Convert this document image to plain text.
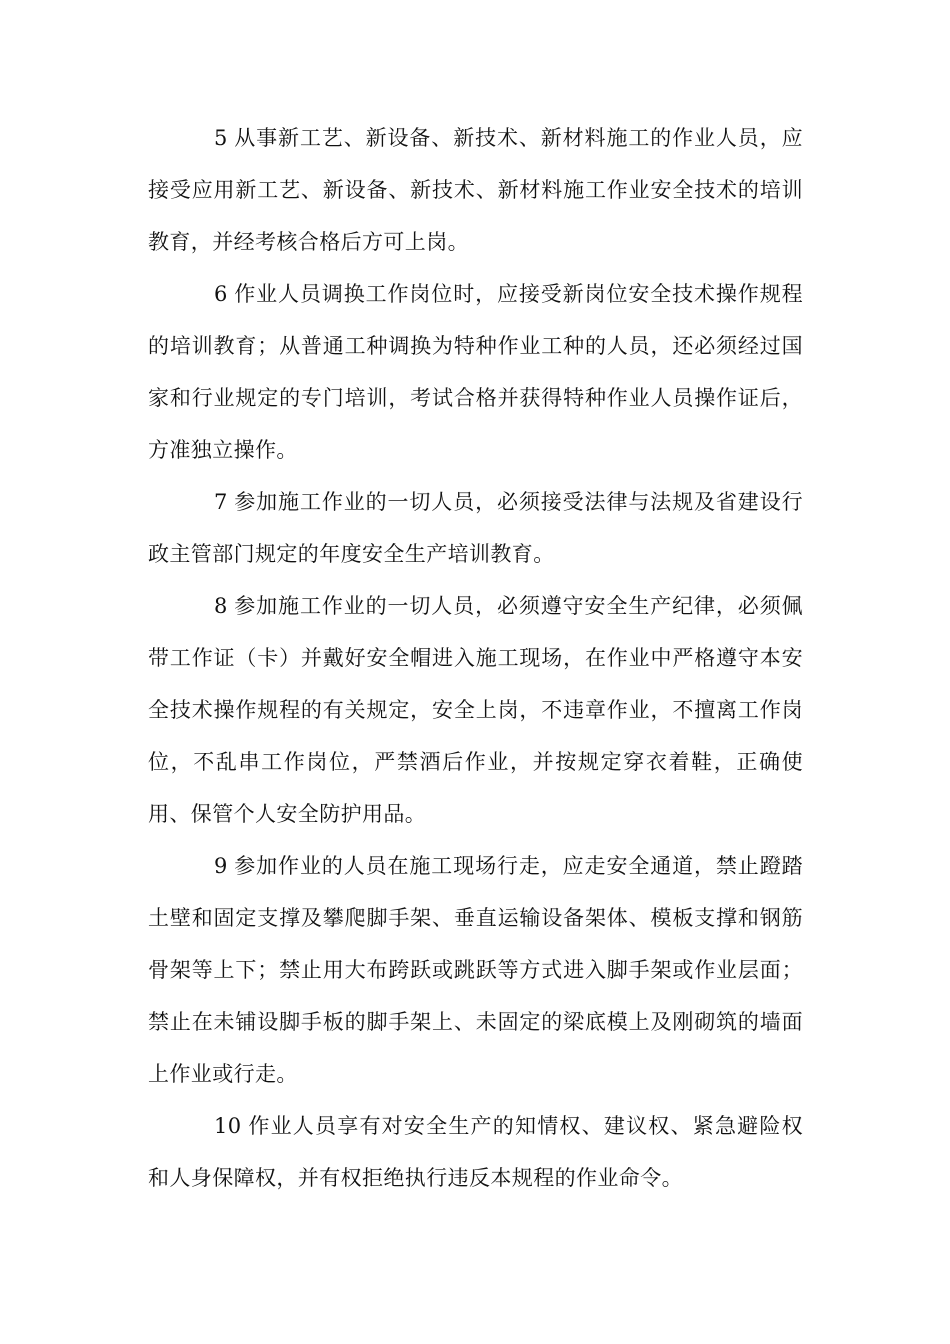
5 从事新工艺、新设备、新技术、新材料施工的作业人员，应接受应用新工艺、新设备、新技术、新材料施工作业安全技术的培训教育，并经考核合格后方可上岗。

6 作业人员调换工作岗位时，应接受新岗位安全技术操作规程的培训教育；从普通工种调换为特种作业工种的人员，还必须经过国家和行业规定的专门培训，考试合格并获得特种作业人员操作证后，方准独立操作。

7 参加施工作业的一切人员，必须接受法律与法规及省建设行政主管部门规定的年度安全生产培训教育。

8 参加施工作业的一切人员，必须遵守安全生产纪律，必须佩带工作证（卡）并戴好安全帽进入施工现场，在作业中严格遵守本安全技术操作规程的有关规定，安全上岗，不违章作业，不擅离工作岗位，不乱串工作岗位，严禁酒后作业，并按规定穿衣着鞋，正确使用、保管个人安全防护用品。

9 参加作业的人员在施工现场行走，应走安全通道，禁止蹬踏土壁和固定支撑及攀爬脚手架、垂直运输设备架体、模板支撑和钢筋骨架等上下；禁止用大布跨跃或跳跃等方式进入脚手架或作业层面；禁止在未铺设脚手板的脚手架上、未固定的梁底模上及刚砌筑的墙面上作业或行走。

10 作业人员享有对安全生产的知情权、建议权、紧急避险权和人身保障权，并有权拒绝执行违反本规程的作业命令。
